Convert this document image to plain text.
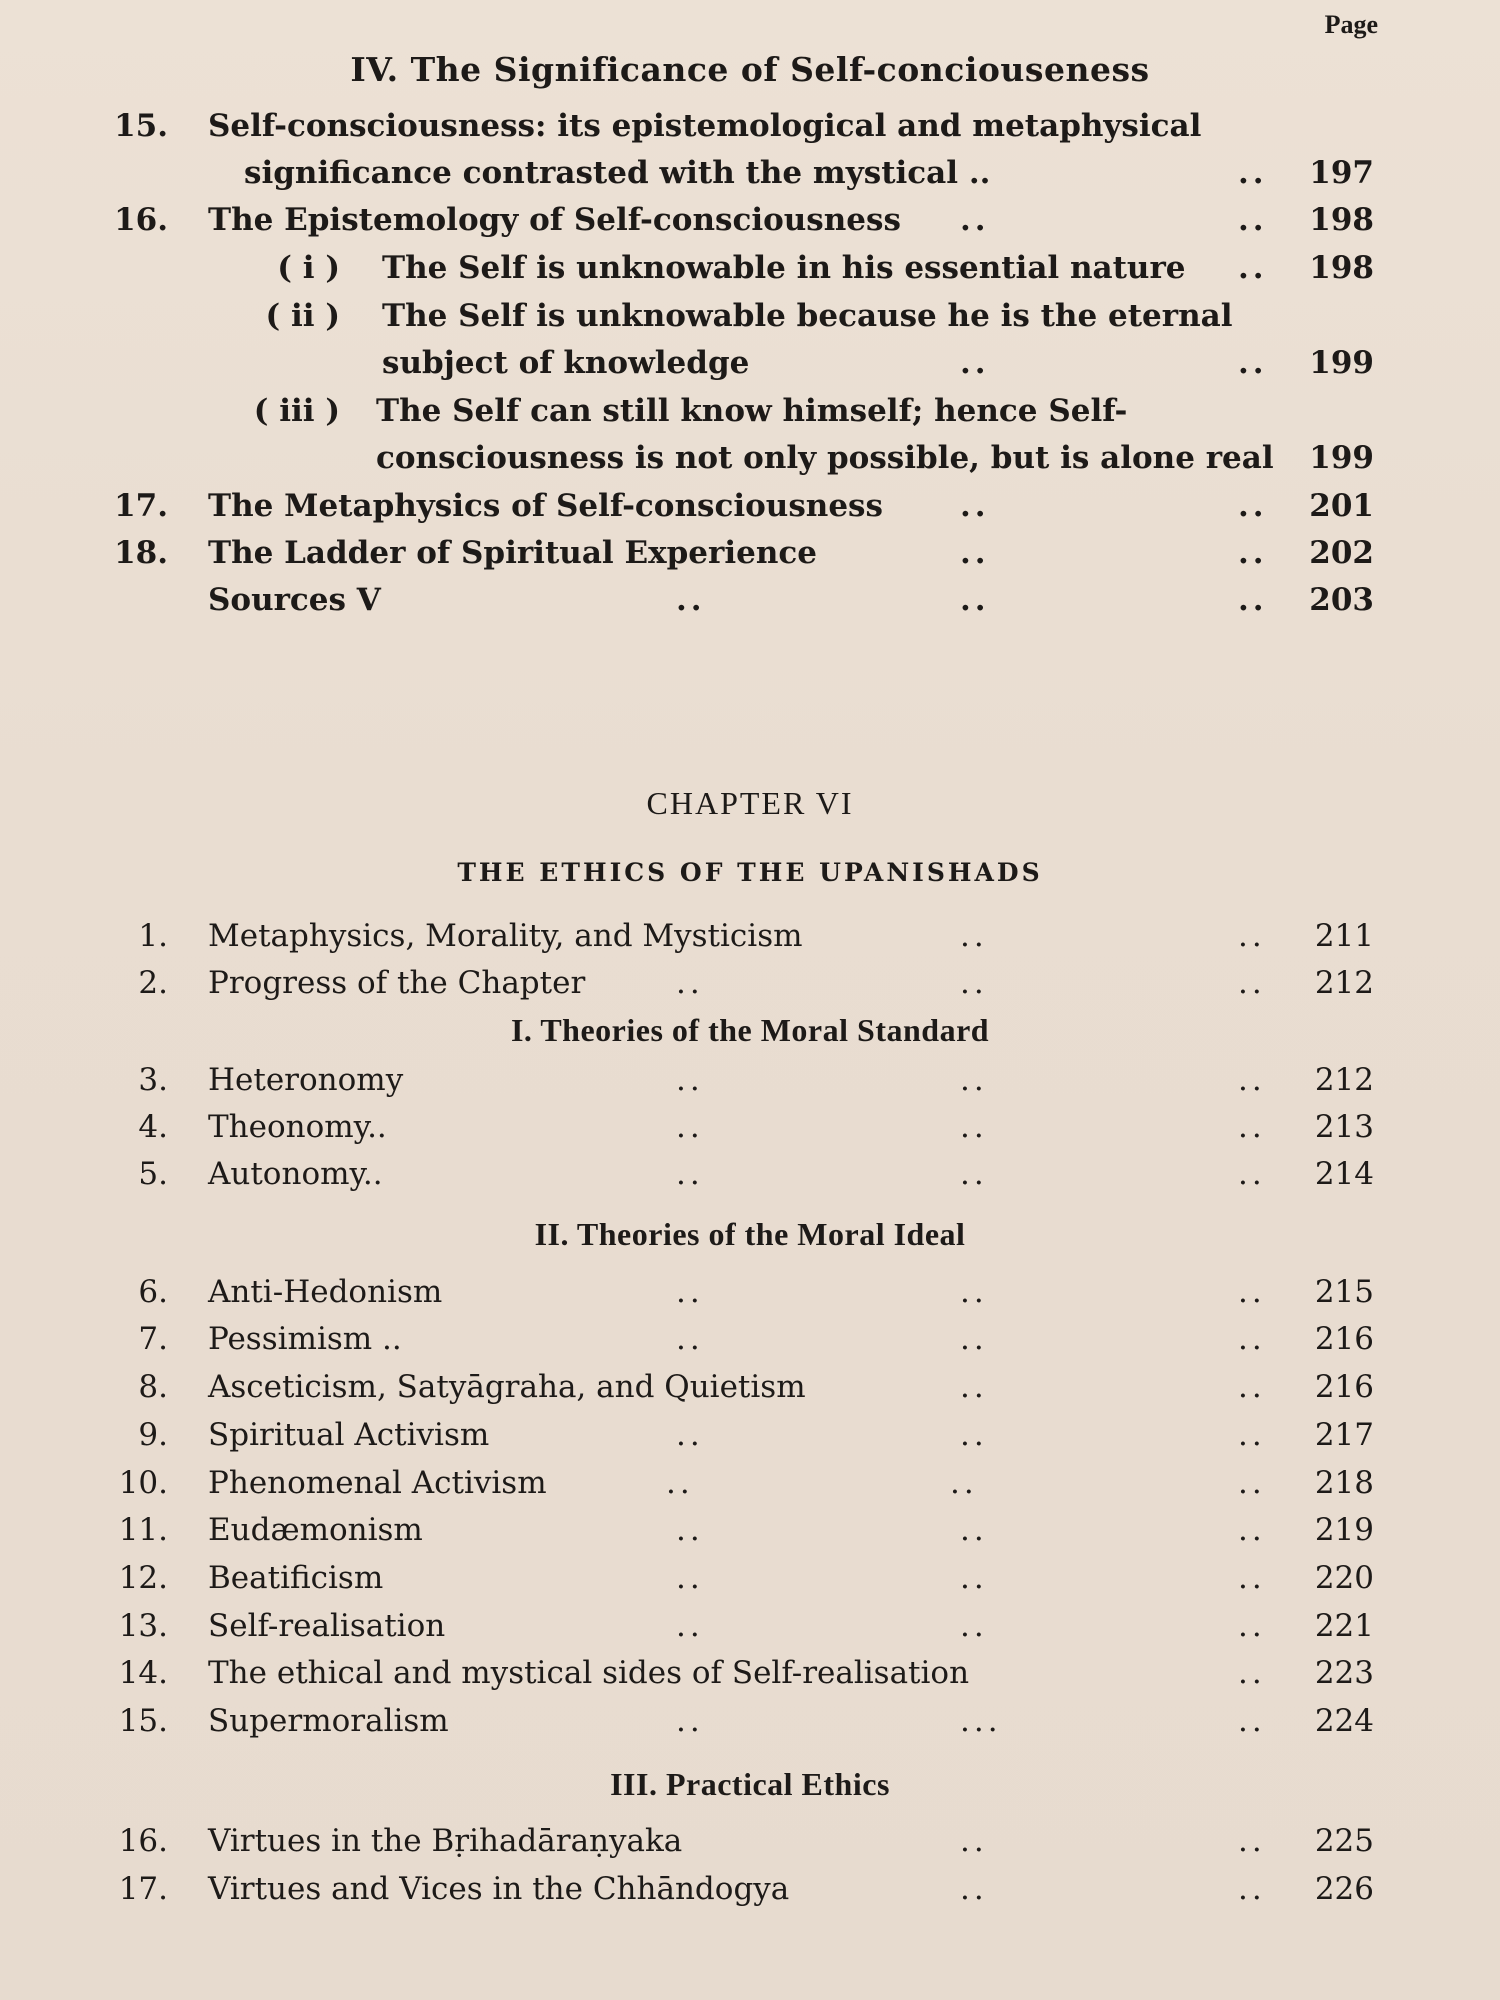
Page
IV. The Significance of Self-conciouseness
15. Self-consciousness: its epistemological and metaphysical
significance contrasted with the mystical ..	.. 197
16. The Epistemology of Self-consciousness ..	.. 198
( i ) The Self is unknowable in his essential nature .. 198
( ii ) The Self is unknowable because he is the eternal
subject of knowledge	..	.. 199
( iii ) The Self can still know himself; hence Self-
consciousness is not only possible, but is alone real 199
17. The Metaphysics of Self-consciousness ..	.. 201
18. The Ladder of Spiritual Experience	..	.. 202
Sources V	..	..	.. 203
CHAPTER VI
THE ETHICS OF THE UPANISHADS
1. Metaphysics, Morality, and Mysticism	..	.. 211
2. Progress of the Chapter	..	..	.. 212
I. Theories of the Moral Standard
3. Heteronomy	..	..	.. 212
4. Theonomy..	..	..	.. 213
5. Autonomy..	..	..	.. 214
II. Theories of the Moral Ideal
6. Anti-Hedonism	..	..	.. 215
7. Pessimism ..	..	..	.. 216
8. Asceticism, Satyāgraha, and Quietism	..	.. 216
9. Spiritual Activism	..	..	.. 217
10. Phenomenal Activism	..	..	.. 218
11. Eudæmonism	..	..	.. 219
12. Beatificism	..	..	.. 220
13. Self-realisation	..	..	.. 221
14. The ethical and mystical sides of Self-realisation	.. 223
15. Supermoralism	..	...	.. 224
III. Practical Ethics
16. Virtues in the Bṛihadāraṇyaka	..	.. 225
17. Virtues and Vices in the Chhāndogya	..	.. 226
